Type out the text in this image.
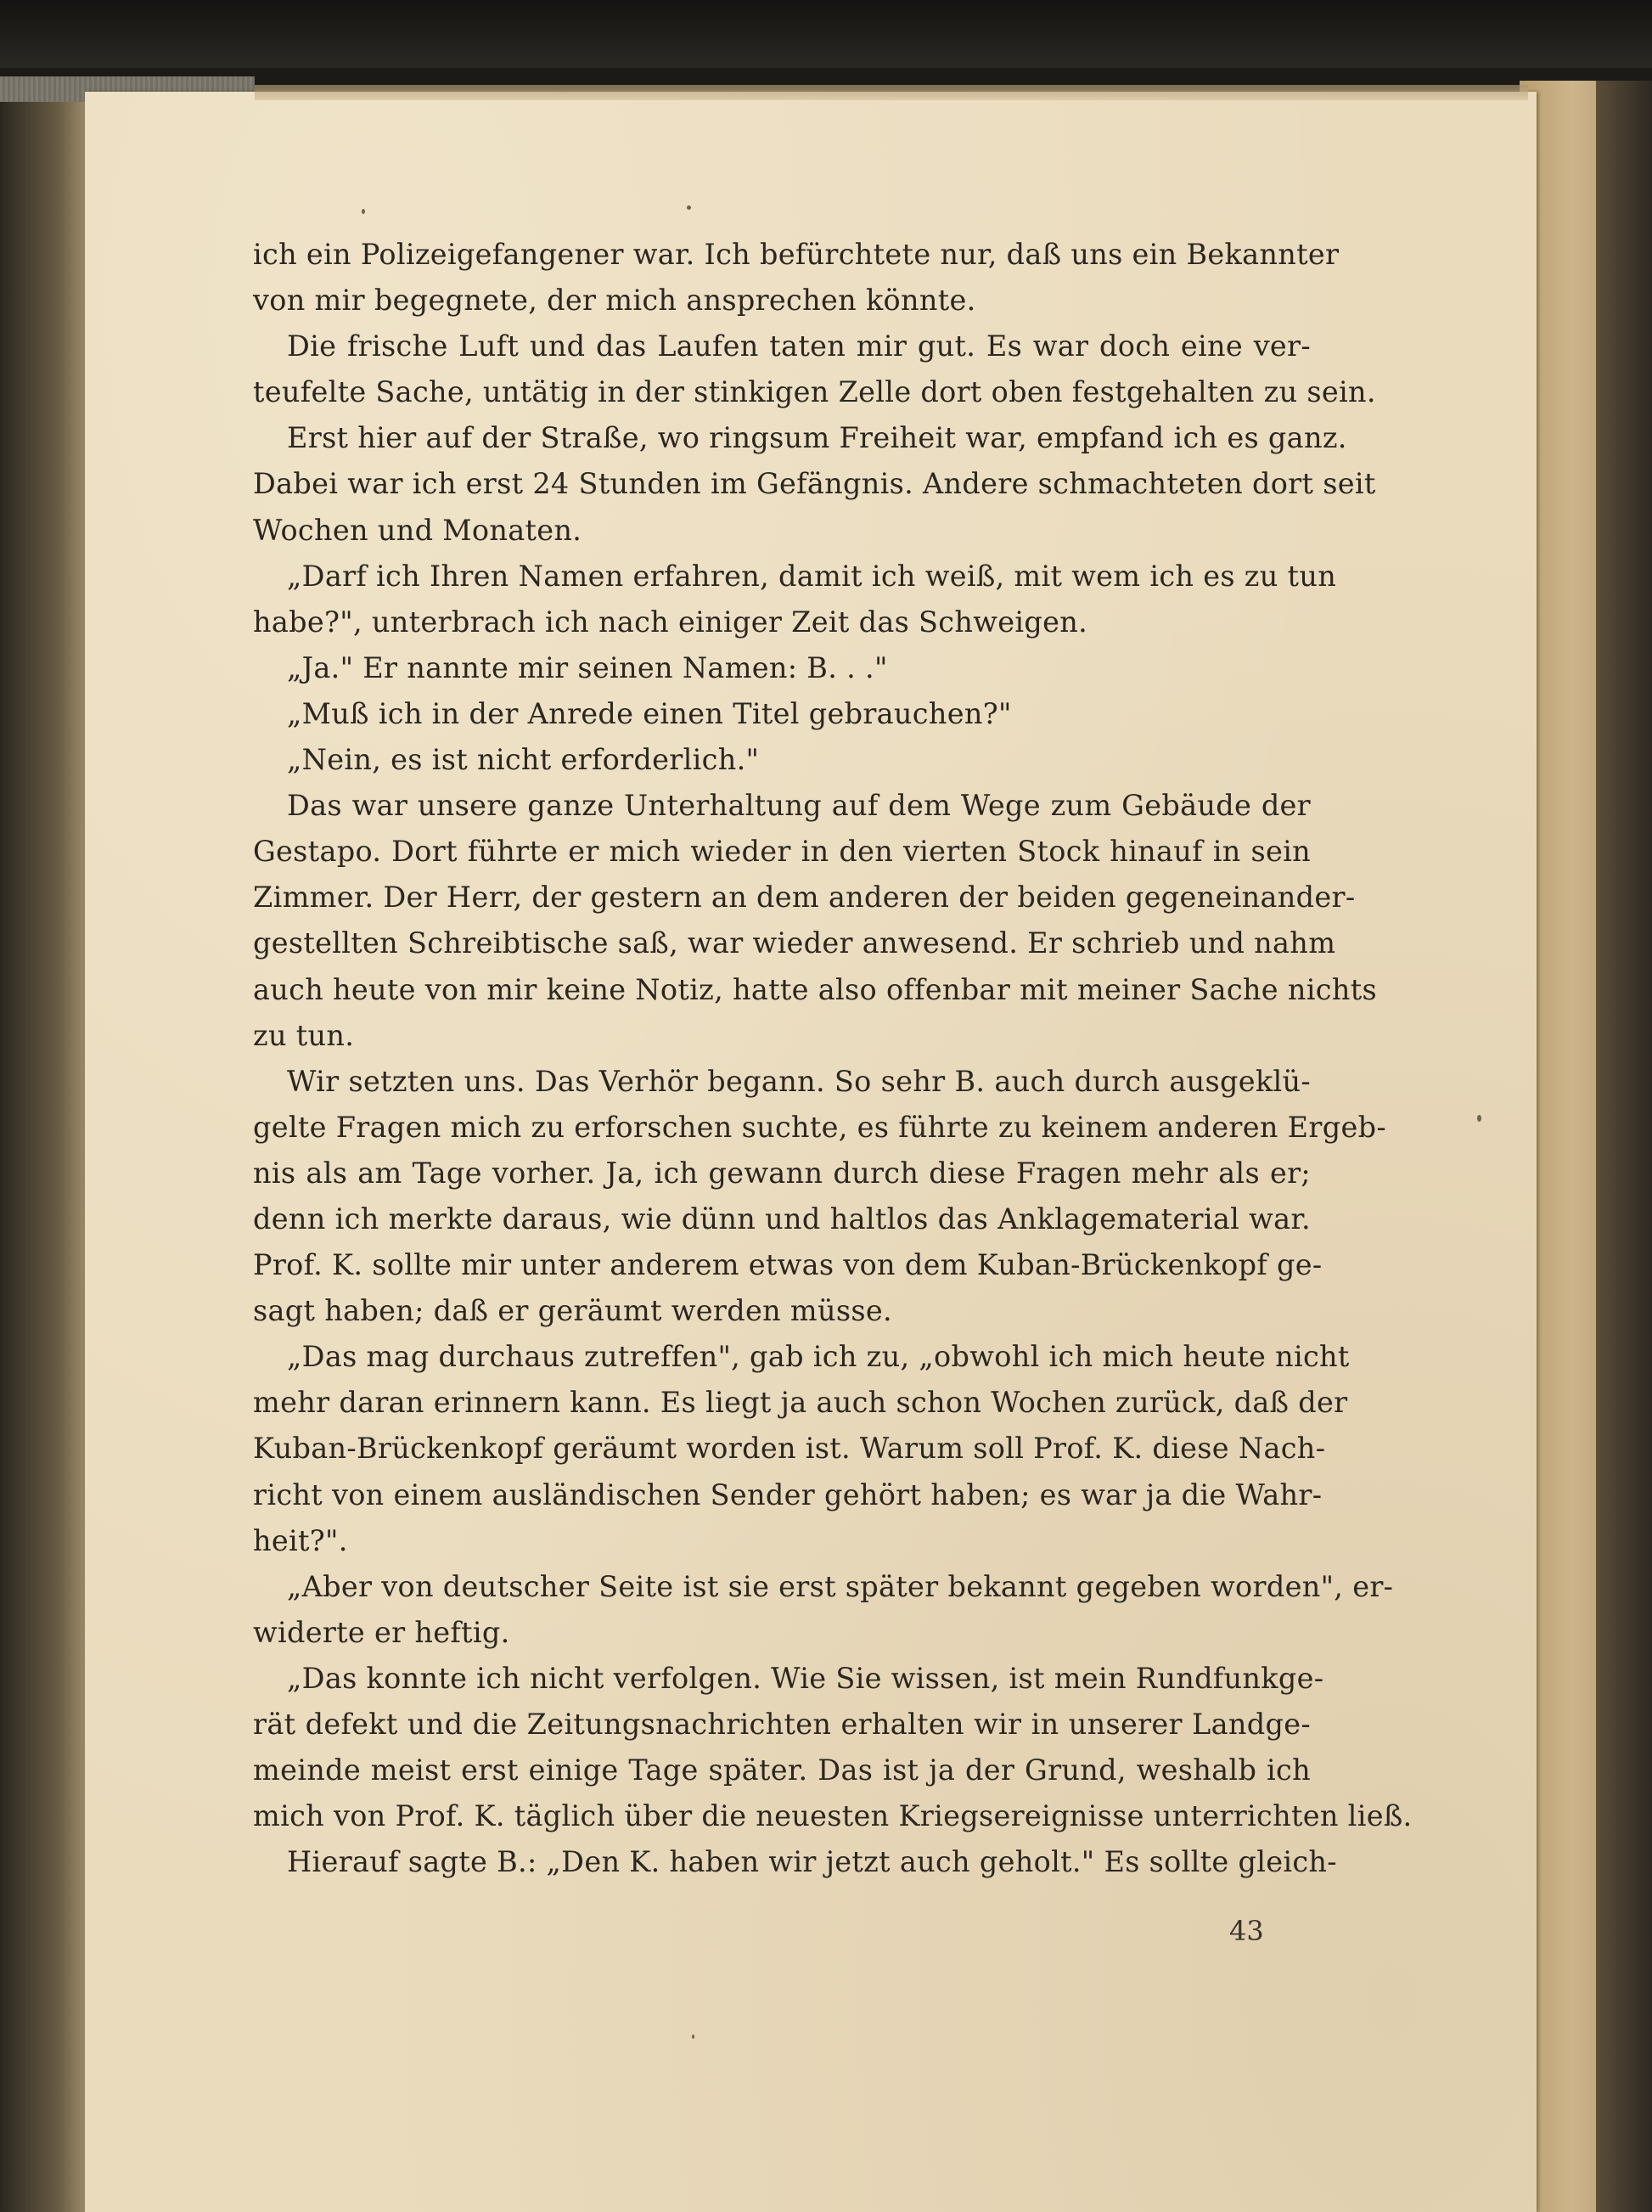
ich ein Polizeigefangener war. Ich befürchtete nur, daß uns ein Bekannter
von mir begegnete, der mich ansprechen könnte.
Die frische Luft und das Laufen taten mir gut. Es war doch eine ver-
teufelte Sache, untätig in der stinkigen Zelle dort oben festgehalten zu sein.
Erst hier auf der Straße, wo ringsum Freiheit war, empfand ich es ganz.
Dabei war ich erst 24 Stunden im Gefängnis. Andere schmachteten dort seit
Wochen und Monaten.
„Darf ich Ihren Namen erfahren, damit ich weiß, mit wem ich es zu tun
habe?", unterbrach ich nach einiger Zeit das Schweigen.
„Ja." Er nannte mir seinen Namen: B. . ."
„Muß ich in der Anrede einen Titel gebrauchen?"
„Nein, es ist nicht erforderlich."
Das war unsere ganze Unterhaltung auf dem Wege zum Gebäude der
Gestapo. Dort führte er mich wieder in den vierten Stock hinauf in sein
Zimmer. Der Herr, der gestern an dem anderen der beiden gegeneinander-
gestellten Schreibtische saß, war wieder anwesend. Er schrieb und nahm
auch heute von mir keine Notiz, hatte also offenbar mit meiner Sache nichts
zu tun.
Wir setzten uns. Das Verhör begann. So sehr B. auch durch ausgeklü-
gelte Fragen mich zu erforschen suchte, es führte zu keinem anderen Ergeb-
nis als am Tage vorher. Ja, ich gewann durch diese Fragen mehr als er;
denn ich merkte daraus, wie dünn und haltlos das Anklagematerial war.
Prof. K. sollte mir unter anderem etwas von dem Kuban-Brückenkopf ge-
sagt haben; daß er geräumt werden müsse.
„Das mag durchaus zutreffen", gab ich zu, „obwohl ich mich heute nicht
mehr daran erinnern kann. Es liegt ja auch schon Wochen zurück, daß der
Kuban-Brückenkopf geräumt worden ist. Warum soll Prof. K. diese Nach-
richt von einem ausländischen Sender gehört haben; es war ja die Wahr-
heit?".
„Aber von deutscher Seite ist sie erst später bekannt gegeben worden", er-
widerte er heftig.
„Das konnte ich nicht verfolgen. Wie Sie wissen, ist mein Rundfunkge-
rät defekt und die Zeitungsnachrichten erhalten wir in unserer Landge-
meinde meist erst einige Tage später. Das ist ja der Grund, weshalb ich
mich von Prof. K. täglich über die neuesten Kriegsereignisse unterrichten ließ.
Hierauf sagte B.: „Den K. haben wir jetzt auch geholt." Es sollte gleich-
43
